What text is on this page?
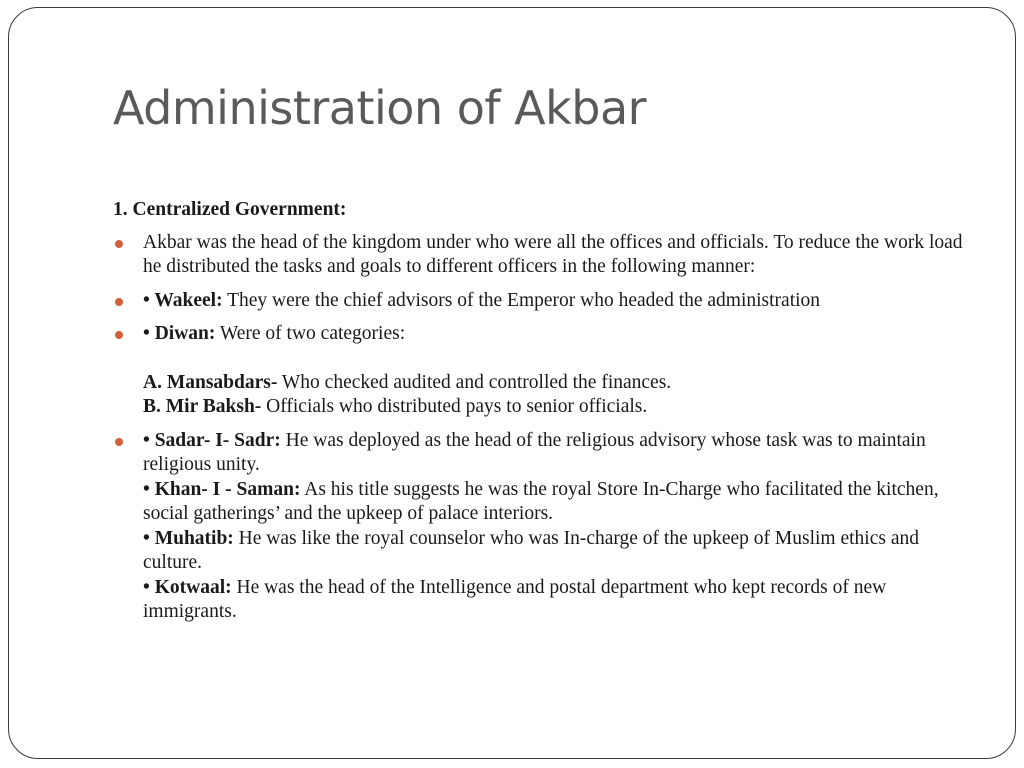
Administration of Akbar
1. Centralized Government:
Akbar was the head of the kingdom under who were all the offices and officials. To reduce the work load he distributed the tasks and goals to different officers in the following manner:
• Wakeel: They were the chief advisors of the Emperor who headed the administration
• Diwan: Were of two categories:
A. Mansabdars- Who checked audited and controlled the finances.
B. Mir Baksh- Officials who distributed pays to senior officials.
• Sadar- I- Sadr: He was deployed as the head of the religious advisory whose task was to maintain religious unity.
• Khan- I - Saman: As his title suggests he was the royal Store In-Charge who facilitated the kitchen, social gatherings’ and the upkeep of palace interiors.
• Muhatib: He was like the royal counselor who was In-charge of the upkeep of Muslim ethics and culture.
• Kotwaal: He was the head of the Intelligence and postal department who kept records of new immigrants.
